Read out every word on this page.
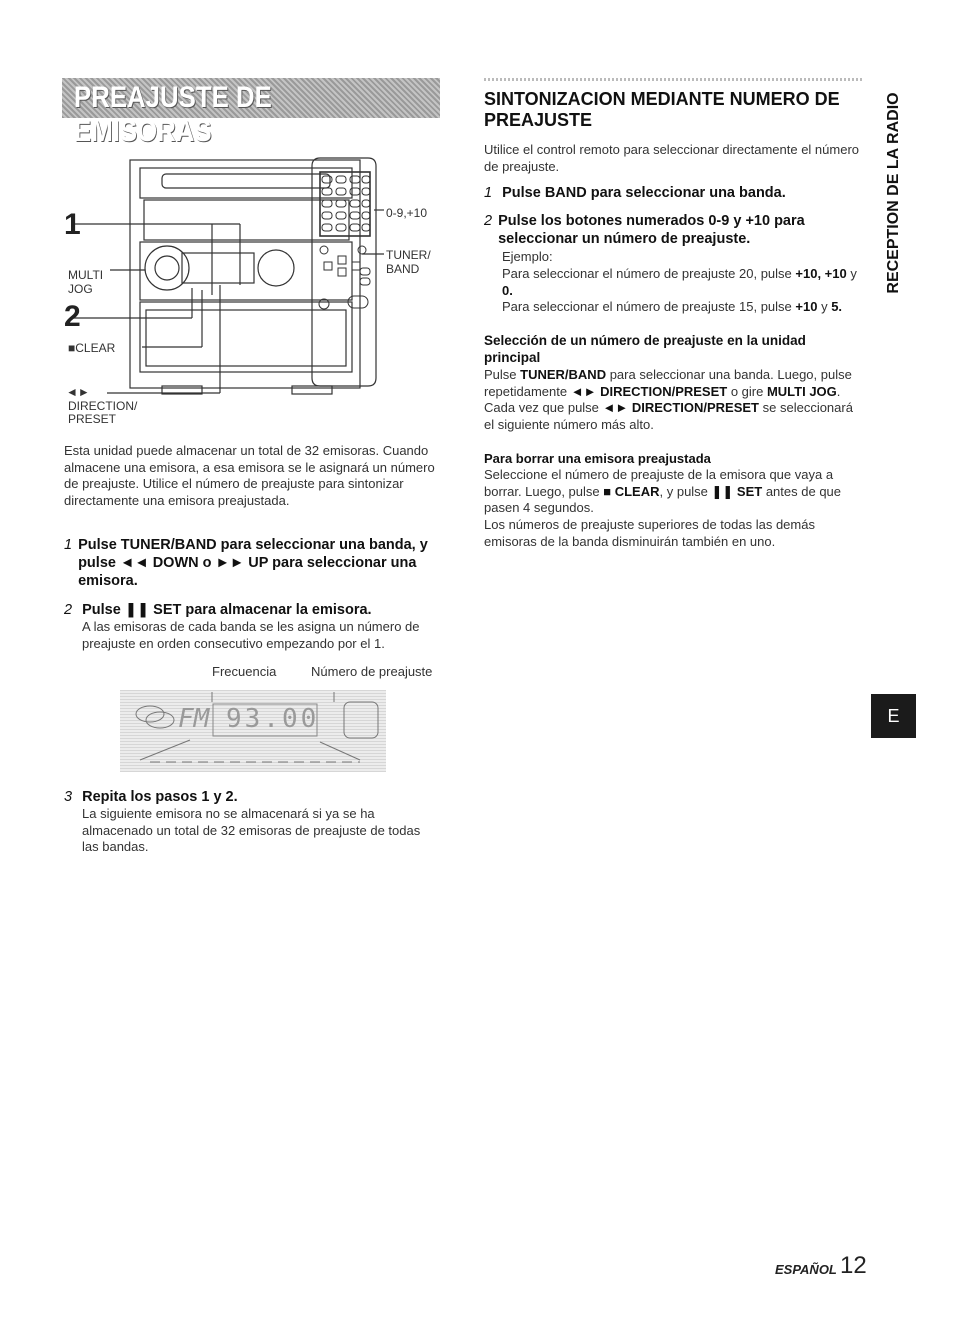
PREAJUSTE DE EMISORAS
1
2
MULTI JOG
■CLEAR
◄►
DIRECTION/ PRESET
0-9,+10
TUNER/ BAND
Esta unidad puede almacenar un total de 32 emisoras. Cuando almacene una emisora, a esa emisora se le asignará un número de preajuste. Utilice el número de preajuste para sintonizar directamente una emisora preajustada.
1 Pulse TUNER/BAND para seleccionar una banda, y pulse ◄◄ DOWN o ►► UP para seleccionar una emisora.
2 Pulse ❚❚ SET para almacenar la emisora.
A las emisoras de cada banda se les asigna un número de preajuste en orden consecutivo empezando por el 1.
Frecuencia	Número de preajuste
FM 93.00
3 Repita los pasos 1 y 2.
La siguiente emisora no se almacenará si ya se ha almacenado un total de 32 emisoras de preajuste de todas las bandas.
SINTONIZACION MEDIANTE NUMERO DE PREAJUSTE
Utilice el control remoto para seleccionar directamente el número de preajuste.
1 Pulse BAND para seleccionar una banda.
2 Pulse los botones numerados 0-9 y +10 para seleccionar un número de preajuste.
Ejemplo:
Para seleccionar el número de preajuste 20, pulse +10, +10 y 0.
Para seleccionar el número de preajuste 15, pulse +10 y 5.
Selección de un número de preajuste en la unidad principal
Pulse TUNER/BAND para seleccionar una banda. Luego, pulse repetidamente ◄► DIRECTION/PRESET o gire MULTI JOG. Cada vez que pulse ◄► DIRECTION/PRESET se seleccionará el siguiente número más alto.
Para borrar una emisora preajustada
Seleccione el número de preajuste de la emisora que vaya a borrar. Luego, pulse ■ CLEAR, y pulse ❚❚ SET antes de que pasen 4 segundos.
Los números de preajuste superiores de todas las demás emisoras de la banda disminuirán también en uno.
RECEPTION DE LA RADIO
E
ESPAÑOL 12
